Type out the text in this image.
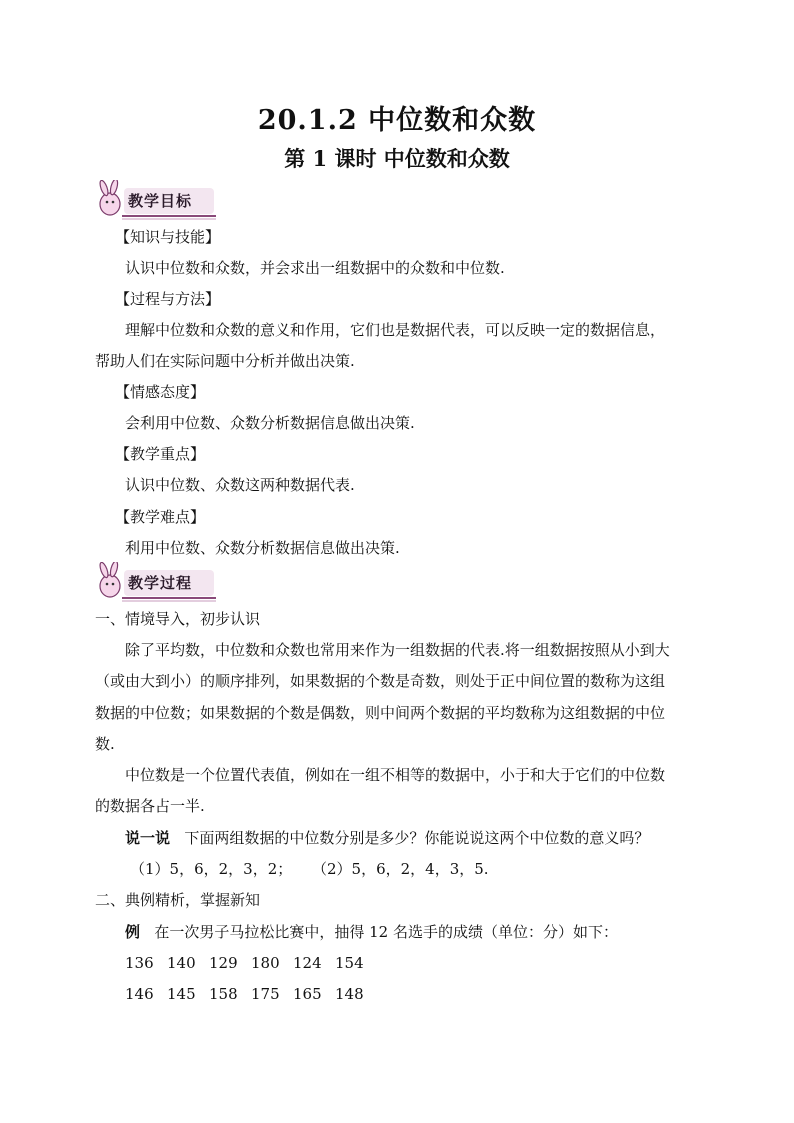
20.1.2 中位数和众数
第 1 课时 中位数和众数
教学目标
【知识与技能】
认识中位数和众数，并会求出一组数据中的众数和中位数.
【过程与方法】
理解中位数和众数的意义和作用，它们也是数据代表，可以反映一定的数据信息，
帮助人们在实际问题中分析并做出决策.
【情感态度】
会利用中位数、众数分析数据信息做出决策.
【教学重点】
认识中位数、众数这两种数据代表.
【教学难点】
利用中位数、众数分析数据信息做出决策.
教学过程
一、情境导入，初步认识
除了平均数，中位数和众数也常用来作为一组数据的代表.将一组数据按照从小到大
（或由大到小）的顺序排列，如果数据的个数是奇数，则处于正中间位置的数称为这组
数据的中位数；如果数据的个数是偶数，则中间两个数据的平均数称为这组数据的中位
数.
中位数是一个位置代表值，例如在一组不相等的数据中，小于和大于它们的中位数
的数据各占一半.
说一说 下面两组数据的中位数分别是多少？你能说说这两个中位数的意义吗？
（1）5，6，2，3，2； （2）5，6，2，4，3，5.
二、典例精析，掌握新知
例 在一次男子马拉松比赛中，抽得 12 名选手的成绩（单位：分）如下：
136 140 129 180 124 154
146 145 158 175 165 148
